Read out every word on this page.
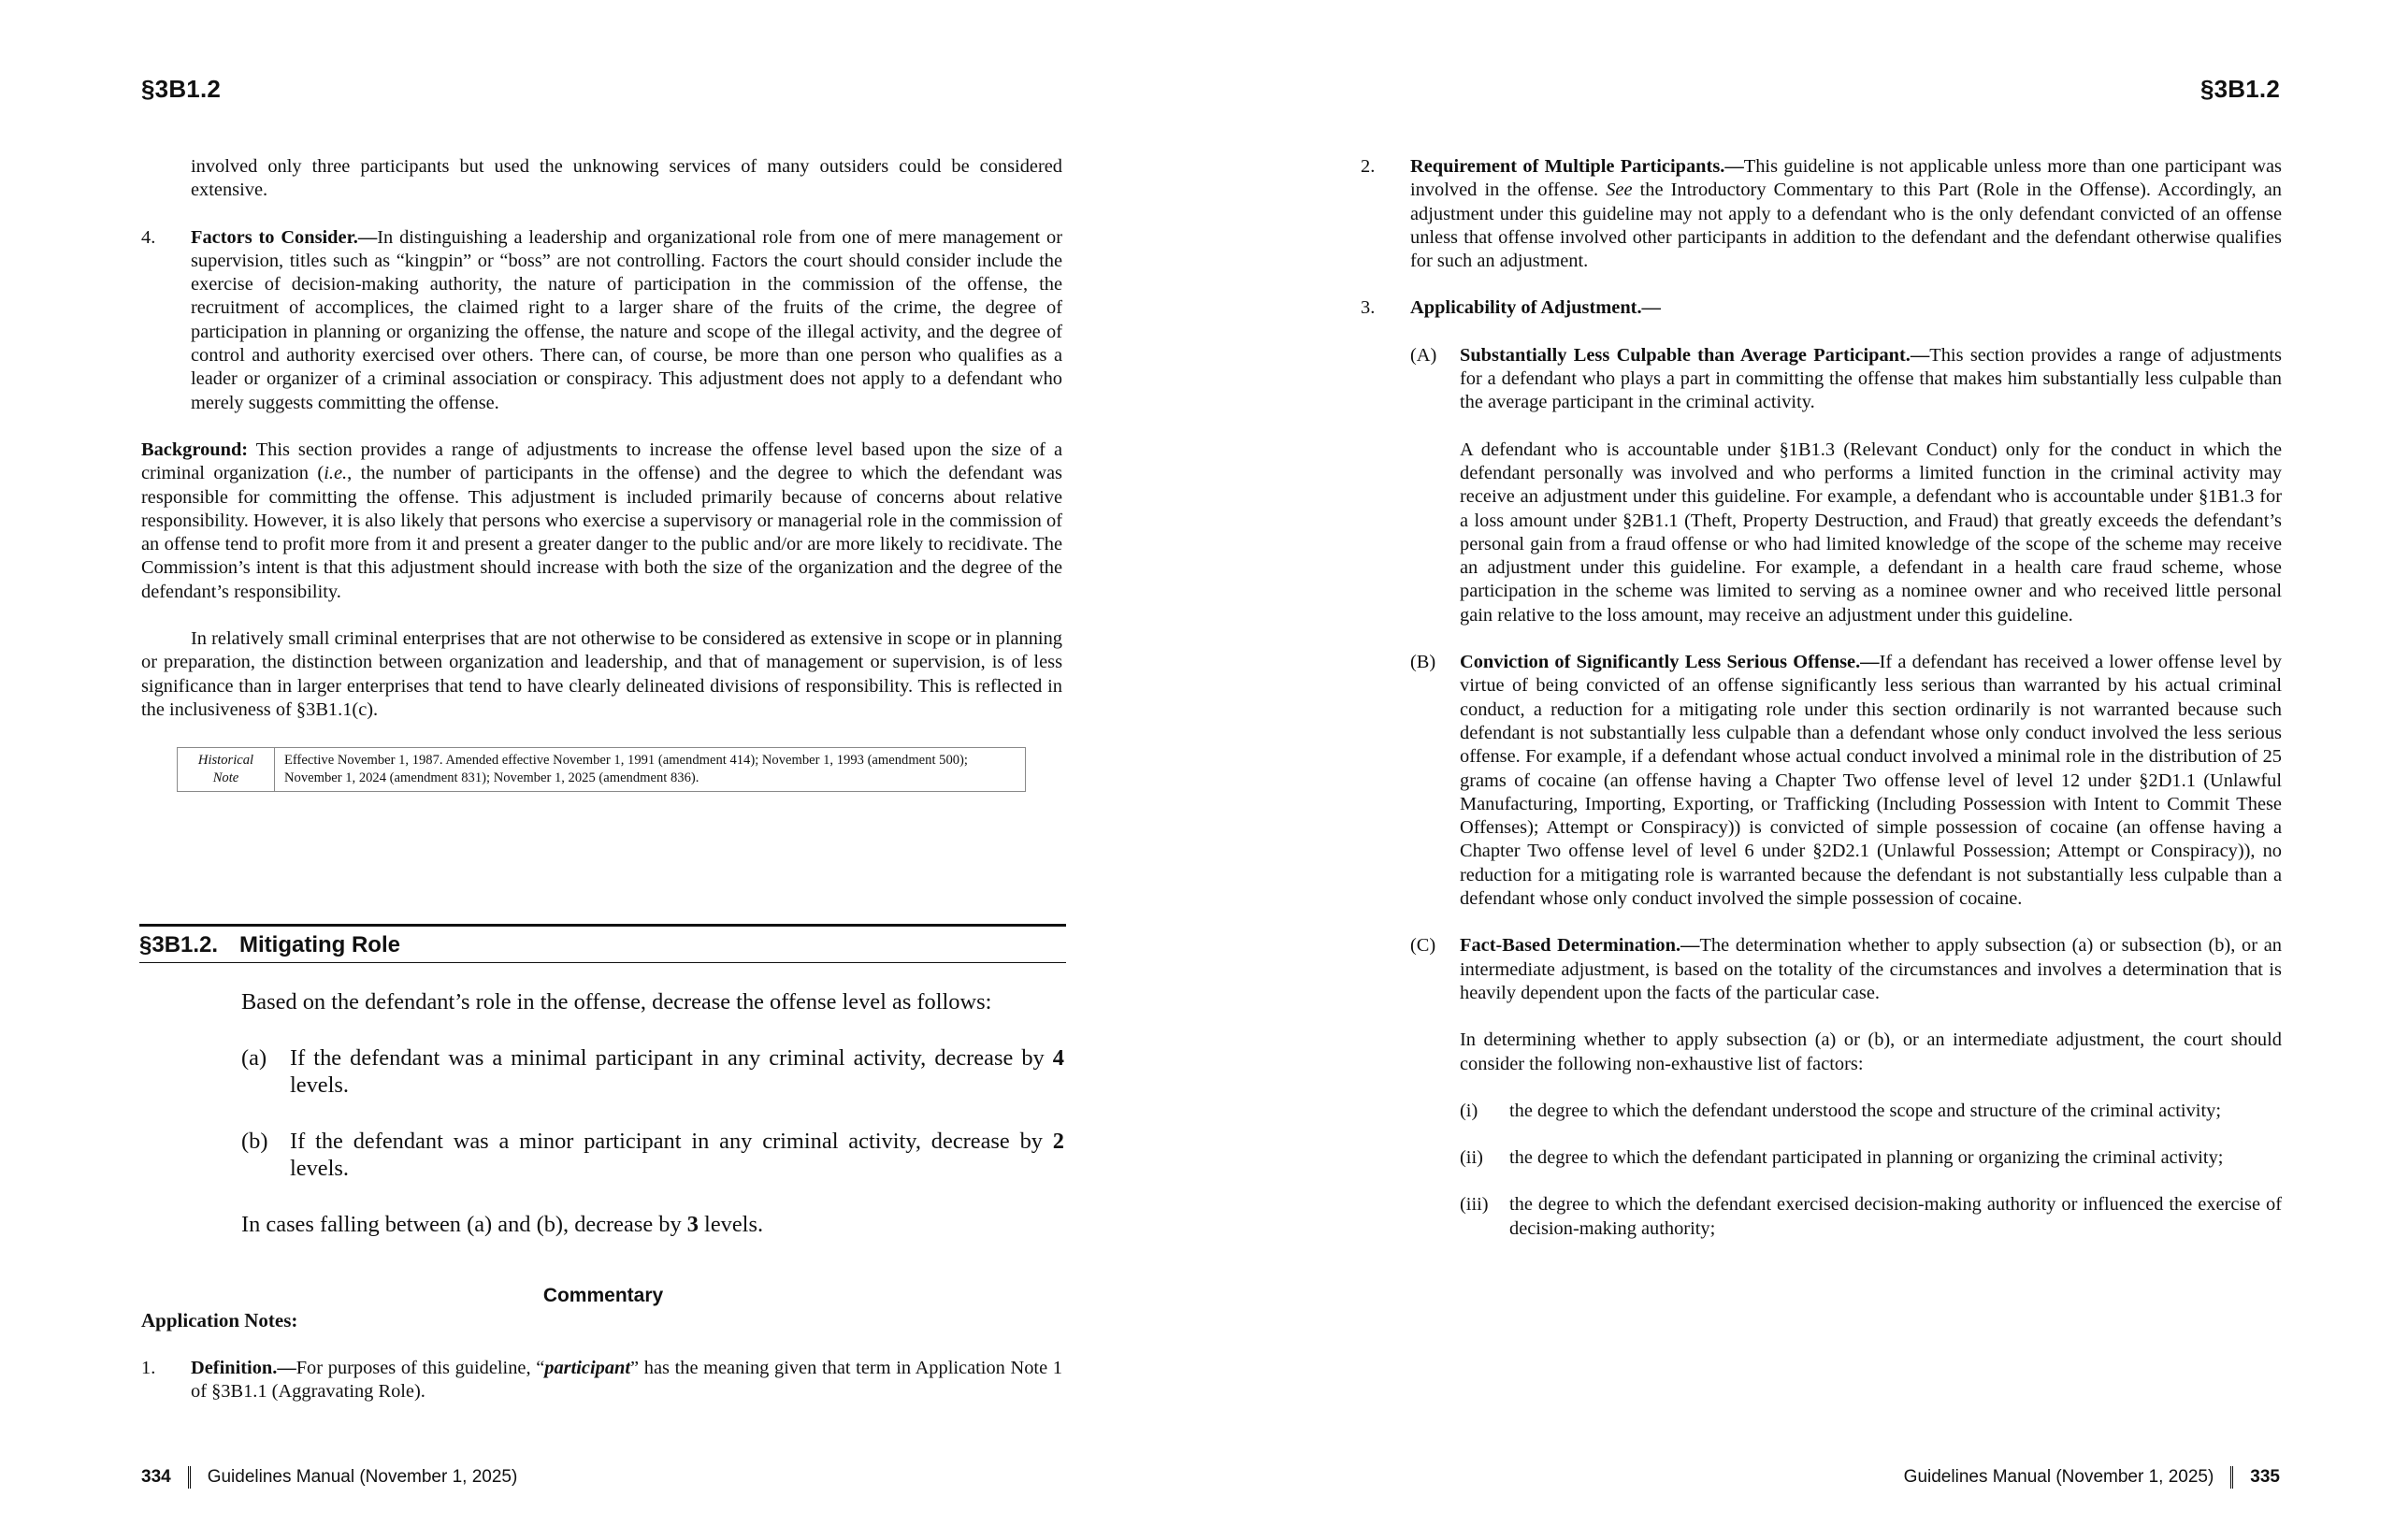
§3B1.2

involved only three participants but used the unknowing services of many outsiders could be considered extensive.

4.	Factors to Consider.—In distinguishing a leadership and organizational role from one of mere management or supervision, titles such as “kingpin” or “boss” are not controlling. Factors the court should consider include the exercise of decision-making authority, the nature of participation in the commission of the offense, the recruitment of accomplices, the claimed right to a larger share of the fruits of the crime, the degree of participation in planning or organizing the offense, the nature and scope of the illegal activity, and the degree of control and authority exercised over others. There can, of course, be more than one person who qualifies as a leader or organizer of a criminal association or conspiracy. This adjustment does not apply to a defendant who merely suggests committing the offense.

Background: This section provides a range of adjustments to increase the offense level based upon the size of a criminal organization (i.e., the number of participants in the offense) and the degree to which the defendant was responsible for committing the offense. This adjustment is included primarily because of concerns about relative responsibility. However, it is also likely that persons who exercise a supervisory or managerial role in the commission of an offense tend to profit more from it and present a greater danger to the public and/or are more likely to recidivate. The Commission’s intent is that this adjustment should increase with both the size of the organization and the degree of the defendant’s responsibility.

In relatively small criminal enterprises that are not otherwise to be considered as extensive in scope or in planning or preparation, the distinction between organization and leadership, and that of management or supervision, is of less significance than in larger enterprises that tend to have clearly delineated divisions of responsibility. This is reflected in the inclusiveness of §3B1.1(c).

Historical
Note	Effective November 1, 1987. Amended effective November 1, 1991 (amendment 414); November 1, 1993 (amendment 500); November 1, 2024 (amendment 831); November 1, 2025 (amendment 836).
§3B1.2. Mitigating Role

Based on the defendant’s role in the offense, decrease the offense level as follows:

(a) If the defendant was a minimal participant in any criminal activity, decrease by 4 levels.
(b) If the defendant was a minor participant in any criminal activity, decrease by 2 levels.

In cases falling between (a) and (b), decrease by 3 levels.

Commentary
Application Notes:
1.	Definition.—For purposes of this guideline, “participant” has the meaning given that term in Application Note 1 of §3B1.1 (Aggravating Role).
334 Guidelines Manual (November 1, 2025)
§3B1.2
2.	Requirement of Multiple Participants.—This guideline is not applicable unless more than one participant was involved in the offense. See the Introductory Commentary to this Part (Role in the Offense). Accordingly, an adjustment under this guideline may not apply to a defendant who is the only defendant convicted of an offense unless that offense involved other participants in addition to the defendant and the defendant otherwise qualifies for such an adjustment.
3.	Applicability of Adjustment.—
(A) Substantially Less Culpable than Average Participant.—This section provides a range of adjustments for a defendant who plays a part in committing the offense that makes him substantially less culpable than the average participant in the criminal activity.

A defendant who is accountable under §1B1.3 (Relevant Conduct) only for the conduct in which the defendant personally was involved and who performs a limited function in the criminal activity may receive an adjustment under this guideline. For example, a defendant who is accountable under §1B1.3 for a loss amount under §2B1.1 (Theft, Property Destruction, and Fraud) that greatly exceeds the defendant’s personal gain from a fraud offense or who had limited knowledge of the scope of the scheme may receive an adjustment under this guideline. For example, a defendant in a health care fraud scheme, whose participation in the scheme was limited to serving as a nominee owner and who received little personal gain relative to the loss amount, may receive an adjustment under this guideline.

(B) Conviction of Significantly Less Serious Offense.—If a defendant has received a lower offense level by virtue of being convicted of an offense significantly less serious than warranted by his actual criminal conduct, a reduction for a mitigating role under this section ordinarily is not warranted because such defendant is not substantially less culpable than a defendant whose only conduct involved the less serious offense. For example, if a defendant whose actual conduct involved a minimal role in the distribution of 25 grams of cocaine (an offense having a Chapter Two offense level of level 12 under §2D1.1 (Unlawful Manufacturing, Importing, Exporting, or Trafficking (Including Possession with Intent to Commit These Offenses); Attempt or Conspiracy)) is convicted of simple possession of cocaine (an offense having a Chapter Two offense level of level 6 under §2D2.1 (Unlawful Possession; Attempt or Conspiracy)), no reduction for a mitigating role is warranted because the defendant is not substantially less culpable than a defendant whose only conduct involved the simple possession of cocaine.
(C) Fact-Based Determination.—The determination whether to apply subsection (a) or subsection (b), or an intermediate adjustment, is based on the totality of the circumstances and involves a determination that is heavily dependent upon the facts of the particular case.

In determining whether to apply subsection (a) or (b), or an intermediate adjustment, the court should consider the following non-exhaustive list of factors:

(i) the degree to which the defendant understood the scope and structure of the criminal activity;
(ii) the degree to which the defendant participated in planning or organizing the criminal activity;
(iii) the degree to which the defendant exercised decision-making authority or influenced the exercise of decision-making authority;
Guidelines Manual (November 1, 2025) 335
